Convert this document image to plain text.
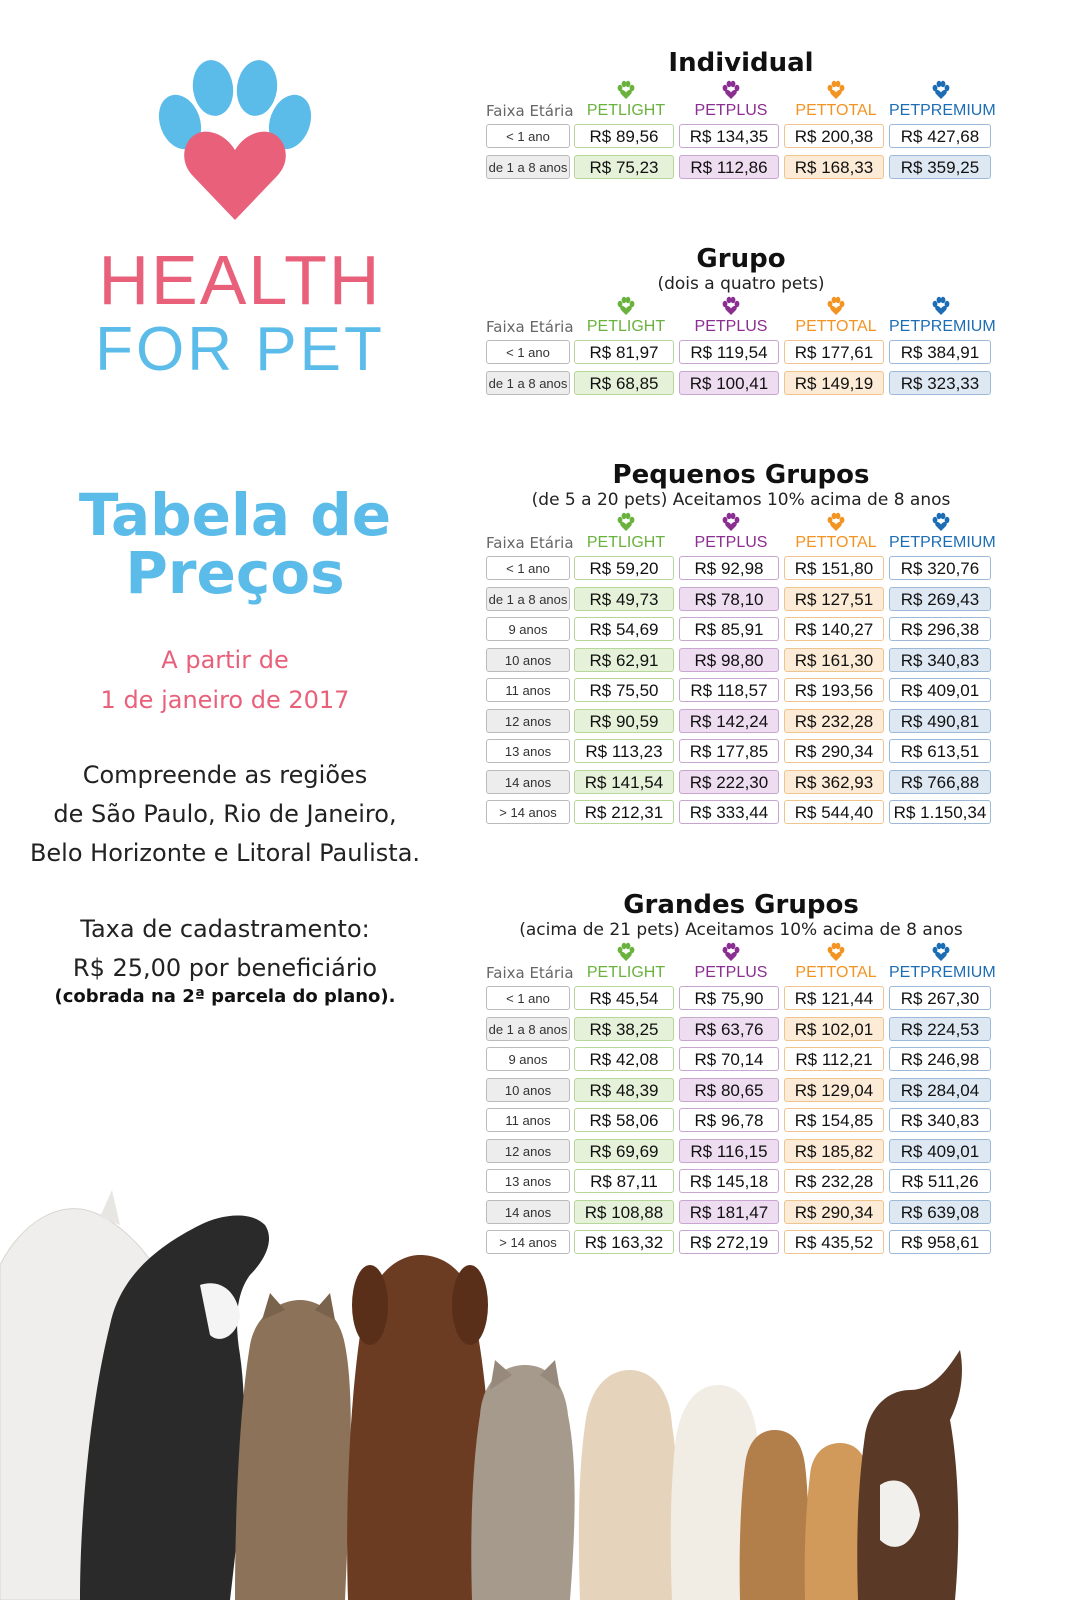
HEALTH
FOR PET
Tabela de
Preços
A partir de
1 de janeiro de 2017
Compreende as regiões
de São Paulo, Rio de Janeiro,
Belo Horizonte e Litoral Paulista.
Taxa de cadastramento:
R$ 25,00 por beneficiário
(cobrada na 2ª parcela do plano).
Individual
Faixa Etária PETLIGHT	PETPLUS	PETTOTAL PETPREMIUM
< 1 ano	R$ 89,56	R$ 134,35	R$ 200,38	R$ 427,68
de 1 a 8 anos	R$ 75,23	R$ 112,86	R$ 168,33	R$ 359,25
Grupo
(dois a quatro pets)
Faixa Etária PETLIGHT	PETPLUS	PETTOTAL PETPREMIUM
< 1 ano	R$ 81,97	R$ 119,54	R$ 177,61	R$ 384,91
de 1 a 8 anos	R$ 68,85	R$ 100,41	R$ 149,19	R$ 323,33
Pequenos Grupos
(de 5 a 20 pets) Aceitamos 10% acima de 8 anos
Faixa Etária PETLIGHT	PETPLUS	PETTOTAL PETPREMIUM
< 1 ano	R$ 59,20	R$ 92,98	R$ 151,80	R$ 320,76
de 1 a 8 anos	R$ 49,73	R$ 78,10	R$ 127,51	R$ 269,43
9 anos	R$ 54,69	R$ 85,91	R$ 140,27	R$ 296,38
10 anos	R$ 62,91	R$ 98,80	R$ 161,30	R$ 340,83
11 anos	R$ 75,50	R$ 118,57	R$ 193,56	R$ 409,01
12 anos	R$ 90,59	R$ 142,24	R$ 232,28	R$ 490,81
13 anos	R$ 113,23	R$ 177,85	R$ 290,34	R$ 613,51
14 anos	R$ 141,54	R$ 222,30	R$ 362,93	R$ 766,88
> 14 anos	R$ 212,31	R$ 333,44	R$ 544,40	R$ 1.150,34
Grandes Grupos
(acima de 21 pets) Aceitamos 10% acima de 8 anos
Faixa Etária PETLIGHT	PETPLUS	PETTOTAL PETPREMIUM
< 1 ano	R$ 45,54	R$ 75,90	R$ 121,44	R$ 267,30
de 1 a 8 anos	R$ 38,25	R$ 63,76	R$ 102,01	R$ 224,53
9 anos	R$ 42,08	R$ 70,14	R$ 112,21	R$ 246,98
10 anos	R$ 48,39	R$ 80,65	R$ 129,04	R$ 284,04
11 anos	R$ 58,06	R$ 96,78	R$ 154,85	R$ 340,83
12 anos	R$ 69,69	R$ 116,15	R$ 185,82	R$ 409,01
13 anos	R$ 87,11	R$ 145,18	R$ 232,28	R$ 511,26
14 anos	R$ 108,88	R$ 181,47	R$ 290,34	R$ 639,08
> 14 anos	R$ 163,32	R$ 272,19	R$ 435,52	R$ 958,61
